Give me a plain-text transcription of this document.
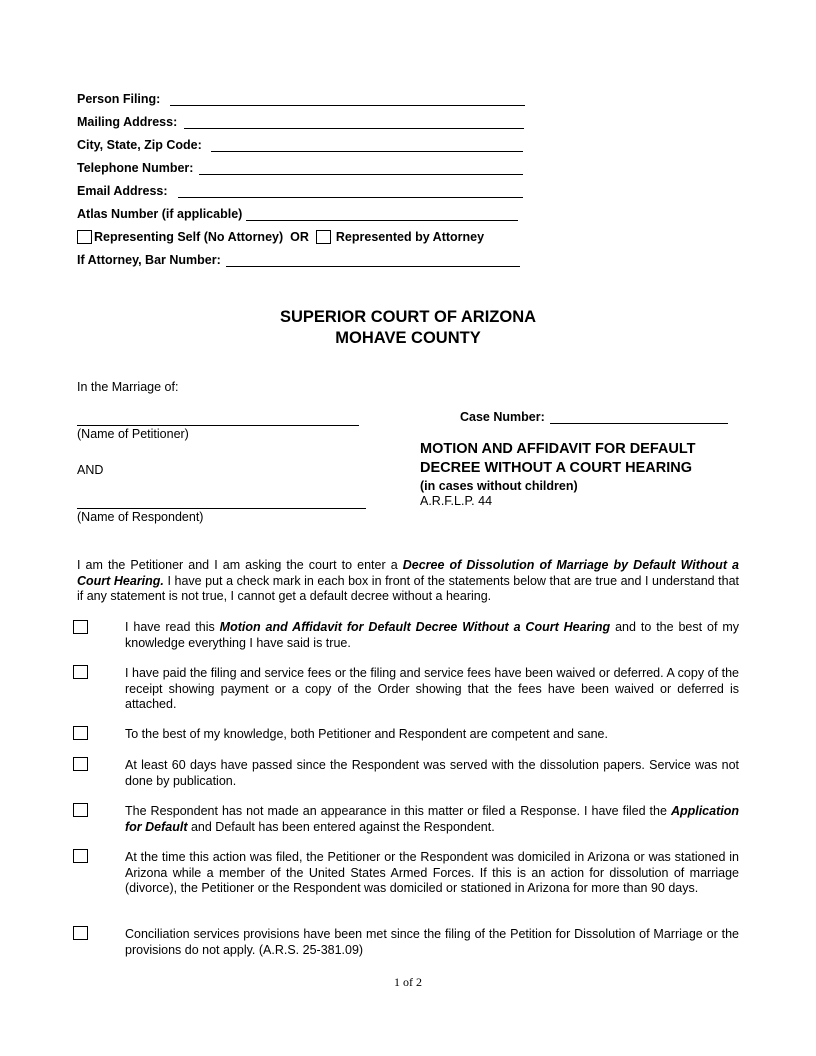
Person Filing:
Mailing Address:
City, State, Zip Code:
Telephone Number:
Email Address:
Atlas Number (if applicable)
Representing Self (No Attorney) OR Represented by Attorney
If Attorney, Bar Number:
SUPERIOR COURT OF ARIZONA
MOHAVE COUNTY
In the Marriage of:
(Name of Petitioner)
AND
(Name of Respondent)
Case Number:
MOTION AND AFFIDAVIT FOR DEFAULT
DECREE WITHOUT A COURT HEARING
(in cases without children)
A.R.F.L.P. 44
I am the Petitioner and I am asking the court to enter a Decree of Dissolution of Marriage by Default Without a Court Hearing. I have put a check mark in each box in front of the statements below that are true and I understand that if any statement is not true, I cannot get a default decree without a hearing.
I have read this Motion and Affidavit for Default Decree Without a Court Hearing and to the best of my knowledge everything I have said is true.
I have paid the filing and service fees or the filing and service fees have been waived or deferred. A copy of the receipt showing payment or a copy of the Order showing that the fees have been waived or deferred is attached.
To the best of my knowledge, both Petitioner and Respondent are competent and sane.
At least 60 days have passed since the Respondent was served with the dissolution papers. Service was not done by publication.
The Respondent has not made an appearance in this matter or filed a Response. I have filed the Application for Default and Default has been entered against the Respondent.
At the time this action was filed, the Petitioner or the Respondent was domiciled in Arizona or was stationed in Arizona while a member of the United States Armed Forces. If this is an action for dissolution of marriage (divorce), the Petitioner or the Respondent was domiciled or stationed in Arizona for more than 90 days.
Conciliation services provisions have been met since the filing of the Petition for Dissolution of Marriage or the provisions do not apply. (A.R.S. 25-381.09)
1 of 2
